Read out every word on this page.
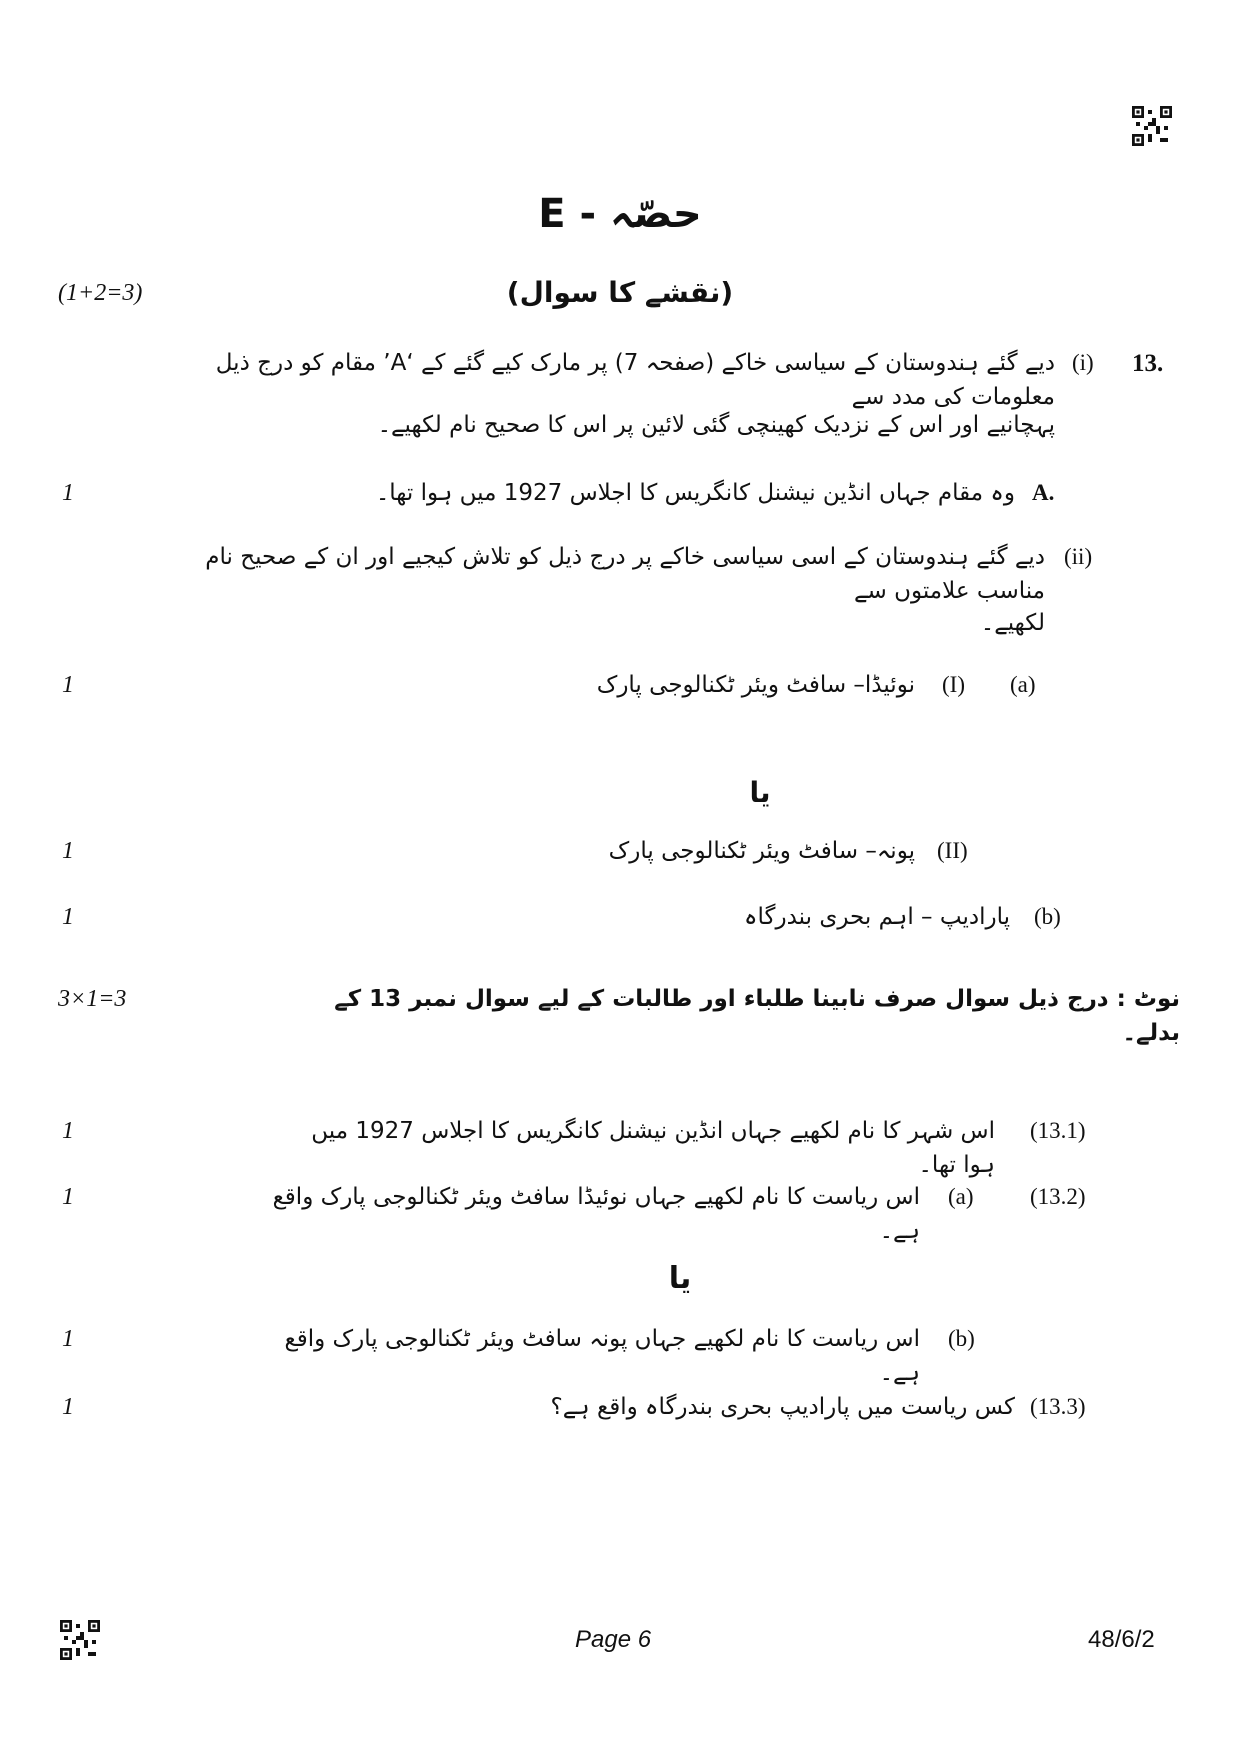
حصّہ - E
(نقشے کا سوال)
(1+2=3)
13.
(i)
دیے گئے ہندوستان کے سیاسی خاکے (صفحہ 7) پر مارک کیے گئے کے ‘A’ مقام کو درج ذیل معلومات کی مدد سے
پہچانیے اور اس کے نزدیک کھینچی گئی لائین پر اس کا صحیح نام لکھیے۔
A.
وہ مقام جہاں انڈین نیشنل کانگریس کا اجلاس 1927 میں ہوا تھا۔
1
(ii)
دیے گئے ہندوستان کے اسی سیاسی خاکے پر درج ذیل کو تلاش کیجیے اور ان کے صحیح نام مناسب علامتوں سے
لکھیے۔
(a)
(I)
نوئیڈا– سافٹ ویئر ٹکنالوجی پارک
1
یا
(II)
پونہ– سافٹ ویئر ٹکنالوجی پارک
1
(b)
پارادیپ – اہم بحری بندرگاہ
1
نوٹ : درج ذیل سوال صرف نابینا طلباء اور طالبات کے لیے سوال نمبر 13 کے بدلے۔
3×1=3
(13.1)
اس شہر کا نام لکھیے جہاں انڈین نیشنل کانگریس کا اجلاس 1927 میں ہوا تھا۔
1
(13.2)
(a)
اس ریاست کا نام لکھیے جہاں نوئیڈا سافٹ ویئر ٹکنالوجی پارک واقع ہے۔
1
یا
(b)
اس ریاست کا نام لکھیے جہاں پونہ سافٹ ویئر ٹکنالوجی پارک واقع ہے۔
1
(13.3)
کس ریاست میں پارادیپ بحری بندرگاہ واقع ہے؟
1
Page 6	48/6/2
